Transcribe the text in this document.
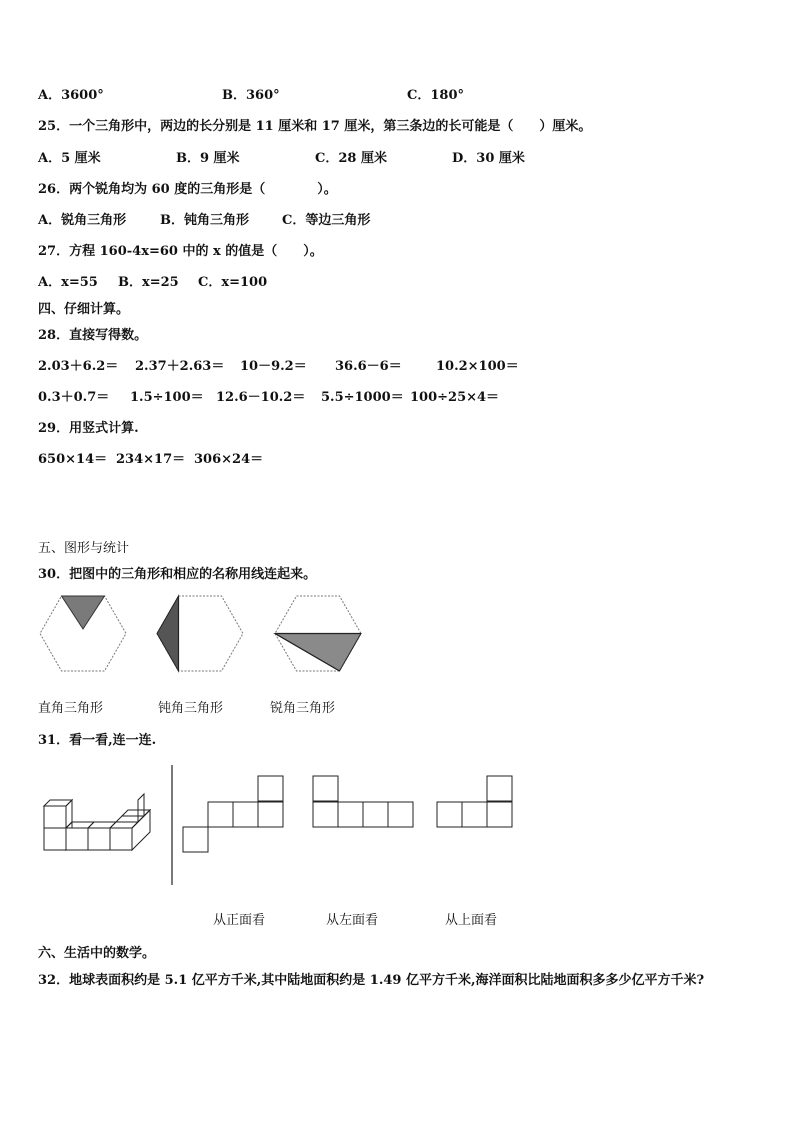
A．3600°	B．360°	C．180°
25．一个三角形中，两边的长分别是 11 厘米和 17 厘米，第三条边的长可能是（　　）厘米。
A．5 厘米	B．9 厘米	C．28 厘米	D．30 厘米
26．两个锐角均为 60 度的三角形是（　　　　）。
A．锐角三角形	B．钝角三角形	C．等边三角形
27．方程 160-4x=60 中的 x 的值是（　　）。
A．x=55 B．x=25 C．x=100
四、仔细计算。
28．直接写得数。
2.03＋6.2＝ 2.37＋2.63＝ 10－9.2＝ 36.6－6＝	10.2×100＝
0.3＋0.7＝ 1.5÷100＝ 12.6－10.2＝ 5.5÷1000＝ 100÷25×4＝
29．用竖式计算.
650×14＝ 234×17＝ 306×24＝
五、图形与统计
30．把图中的三角形和相应的名称用线连起来。
直角三角形	钝角三角形	锐角三角形
31．看一看,连一连.
从正面看	从左面看	从上面看
六、生活中的数学。
32．地球表面积约是 5.1 亿平方千米,其中陆地面积约是 1.49 亿平方千米,海洋面积比陆地面积多多少亿平方千米?
